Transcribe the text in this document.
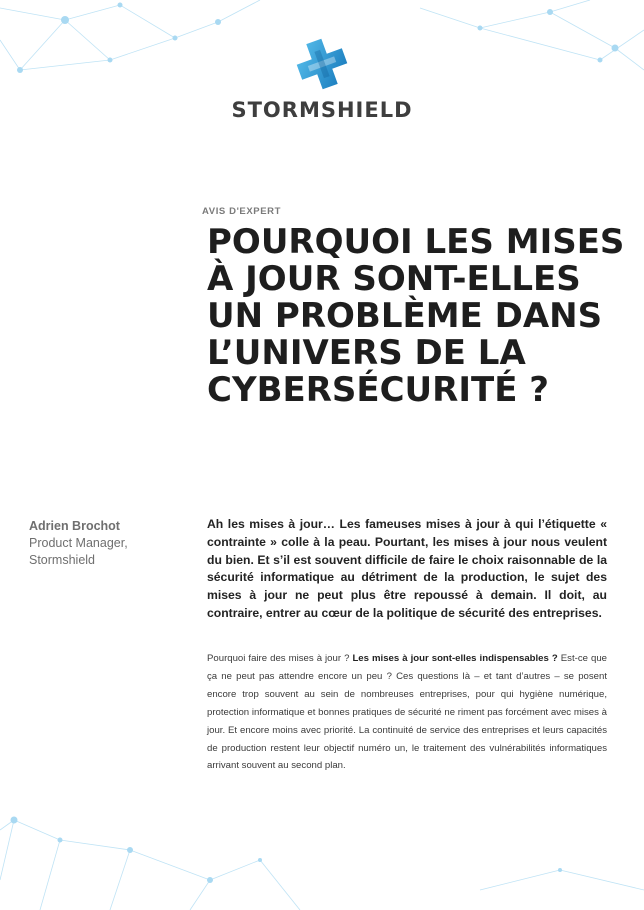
STORMSHIELD
AVIS D'EXPERT
POURQUOI LES MISES À JOUR SONT-ELLES UN PROBLÈME DANS L’UNIVERS DE LA CYBERSÉCURITÉ ?
Adrien Brochot
Product Manager,
Stormshield

Ah les mises à jour… Les fameuses mises à jour à qui l’étiquette « contrainte » colle à la peau. Pourtant, les mises à jour nous veulent du bien. Et s’il est souvent difficile de faire le choix raisonnable de la sécurité informatique au détriment de la production, le sujet des mises à jour ne peut plus être repoussé à demain. Il doit, au contraire, entrer au cœur de la politique de sécurité des entreprises.

Pourquoi faire des mises à jour ? Les mises à jour sont-elles indispensables ? Est-ce que ça ne peut pas attendre encore un peu ? Ces questions là – et tant d’autres – se posent encore trop souvent au sein de nombreuses entreprises, pour qui hygiène numérique, protection informatique et bonnes pratiques de sécurité ne riment pas forcément avec mises à jour. Et encore moins avec priorité. La continuité de service des entreprises et leurs capacités de production restent leur objectif numéro un, le traitement des vulnérabilités informatiques arrivant souvent au second plan.
